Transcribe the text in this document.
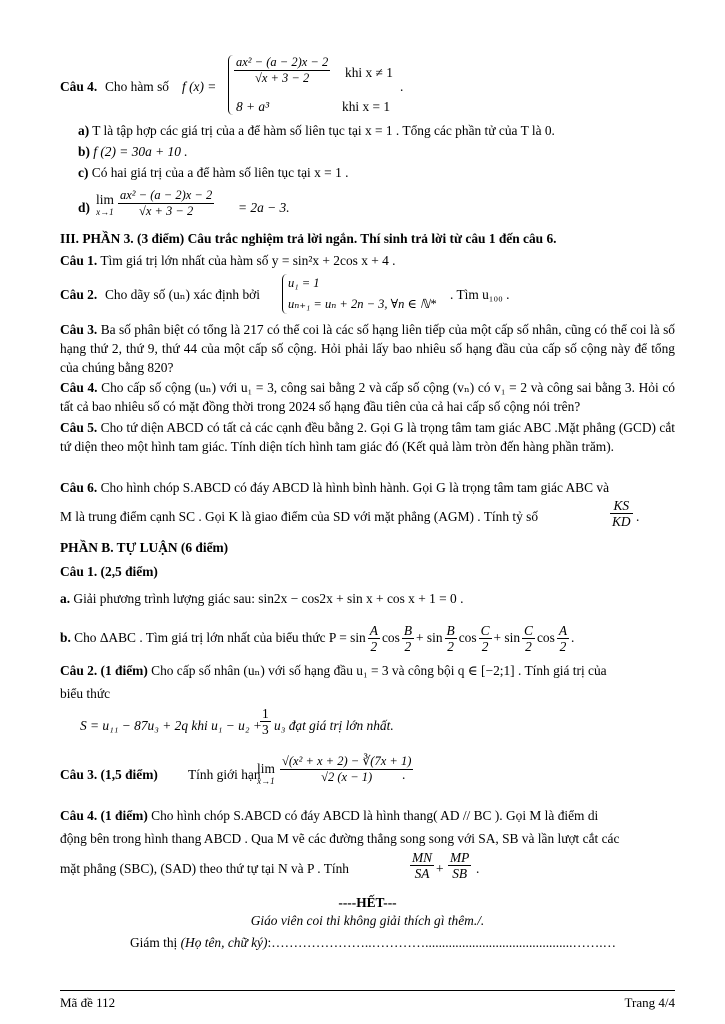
Câu 4. Cho hàm số f (x) =
$\frac{\text{ax² − (a − 2)x − 2}}{√x + 3 - 2}$ khi x ≠ 1
.
8 + a³	khi x = 1
a) T là tập hợp các giá trị của a để hàm số liên tục tại x = 1 . Tổng các phần tử của T là 0.
b) f (2) = 30a + 10 .
c) Có hai giá trị của a để hàm số liên tục tại x = 1 .
d)
lim
$x\to 1 \frac{\text{ax² − (a − 2)x − 2}}{√x + 3 - 2} = 2a - 3$.
III. PHẦN 3. (3 điểm) Câu trắc nghiệm trả lời ngắn. Thí sinh trả lời từ câu 1 đến câu 6.
Câu 1. Tìm giá trị lớn nhất của hàm số y = sin²x + 2cos x + 4 .
Câu 2. Cho dãy số (uₙ) xác định bởi
u₁ = 1
uₙ₊₁ = uₙ + 2n − 3, ∀n ∈ ℕ*
. Tìm u₁₀₀ .
Câu 3. Ba số phân biệt có tổng là 217 có thể coi là các số hạng liên tiếp của một cấp số nhân, cũng có thể coi là số hạng thứ 2, thứ 9, thứ 44 của một cấp số cộng. Hỏi phải lấy bao nhiêu số hạng đầu của cấp số cộng này để tổng của chúng bằng 820?
Câu 4. Cho cấp số cộng (uₙ) với u₁ = 3, công sai bằng 2 và cấp số cộng (vₙ) có v₁ = 2 và công sai bằng 3. Hỏi có tất cả bao nhiêu số có mặt đồng thời trong 2024 số hạng đầu tiên của cả hai cấp số cộng nói trên?
Câu 5. Cho tứ diện ABCD có tất cả các cạnh đều bằng 2. Gọi G là trọng tâm tam giác ABC .Mặt phẳng (GCD) cắt tứ diện theo một hình tam giác. Tính diện tích hình tam giác đó (Kết quả làm tròn đến hàng phần trăm).
Câu 6. Cho hình chóp S.ABCD có đáy ABCD là hình bình hành. Gọi G là trọng tâm tam giác ABC và
M là trung điểm cạnh SC . Gọi K là giao điểm của SD với mặt phẳng (AGM) . Tính tỷ số	$\frac{KS}{KD}$ .
PHẦN B. TỰ LUẬN (6 điểm)
Câu 1. (2,5 điểm)
a. Giải phương trình lượng giác sau: sin2x − cos2x + sin x + cos x + 1 = 0 .
b. Cho ΔABC . Tìm giá trị lớn nhất của biểu thức $P = \sin \frac{A}{2}$ $\cos \frac{B}{2} + \sin \frac{B}{2}$ $\cos \frac{C}{2} + \sin \frac{C}{2}$ $\cos \frac{A}{2}$ .
Câu 2. (1 điểm) Cho cấp số nhân (uₙ) với số hạng đầu u₁ = 3 và công bội q ∈ [−2;1] . Tính giá trị của
biểu thức
S = u₁₁ − 87u₃ + 2q khi u₁ − u₂ +
$\frac{1}{3} u_3$ đạt giá trị lớn nhất.
Câu 3. (1,5 điểm) Tính giới hạn
lim
$x\to 1 \frac{\text{√(x² + x + 2) − ∛(7x + 1)}}{√2 (x - 1)}$
.
Câu 4. (1 điểm) Cho hình chóp S.ABCD có đáy ABCD là hình thang( AD // BC ). Gọi M là điểm di
động bên trong hình thang ABCD . Qua M vẽ các đường thẳng song song với SA, SB và lần lượt cắt các
mặt phẳng (SBC), (SAD) theo thứ tự tại N và P . Tính	$\frac{MN}{SA} + \frac{MP}{SB}$ .
----HẾT---
Giáo viên coi thi không giải thích gì thêm./.
Giám thị (Họ tên, chữ ký):…………………..…………............................................…….…
Mã đề 112	Trang 4/4
